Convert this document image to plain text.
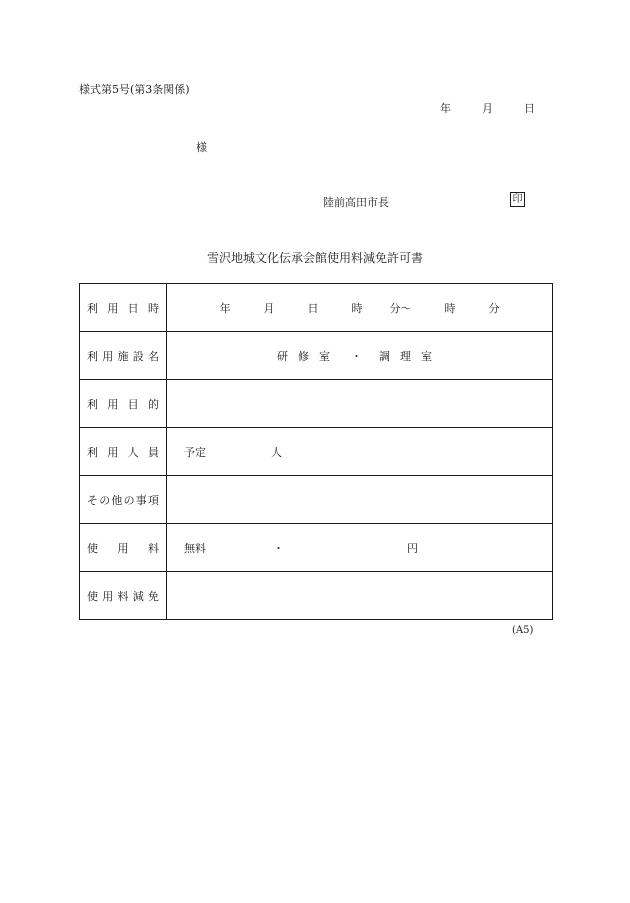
様式第5号(第3条関係)
年	月	日
様
陸前高田市長	印
雪沢地城文化伝承会館使用料減免許可書
利用日時	年 月 日 時 分～ 時 分
利用施設名	研修室 ・ 調理室
利用目的	
利用人員	予定 人
その他の事項	
使用料	無料 ・ 円
使用料減免	
(A5)
